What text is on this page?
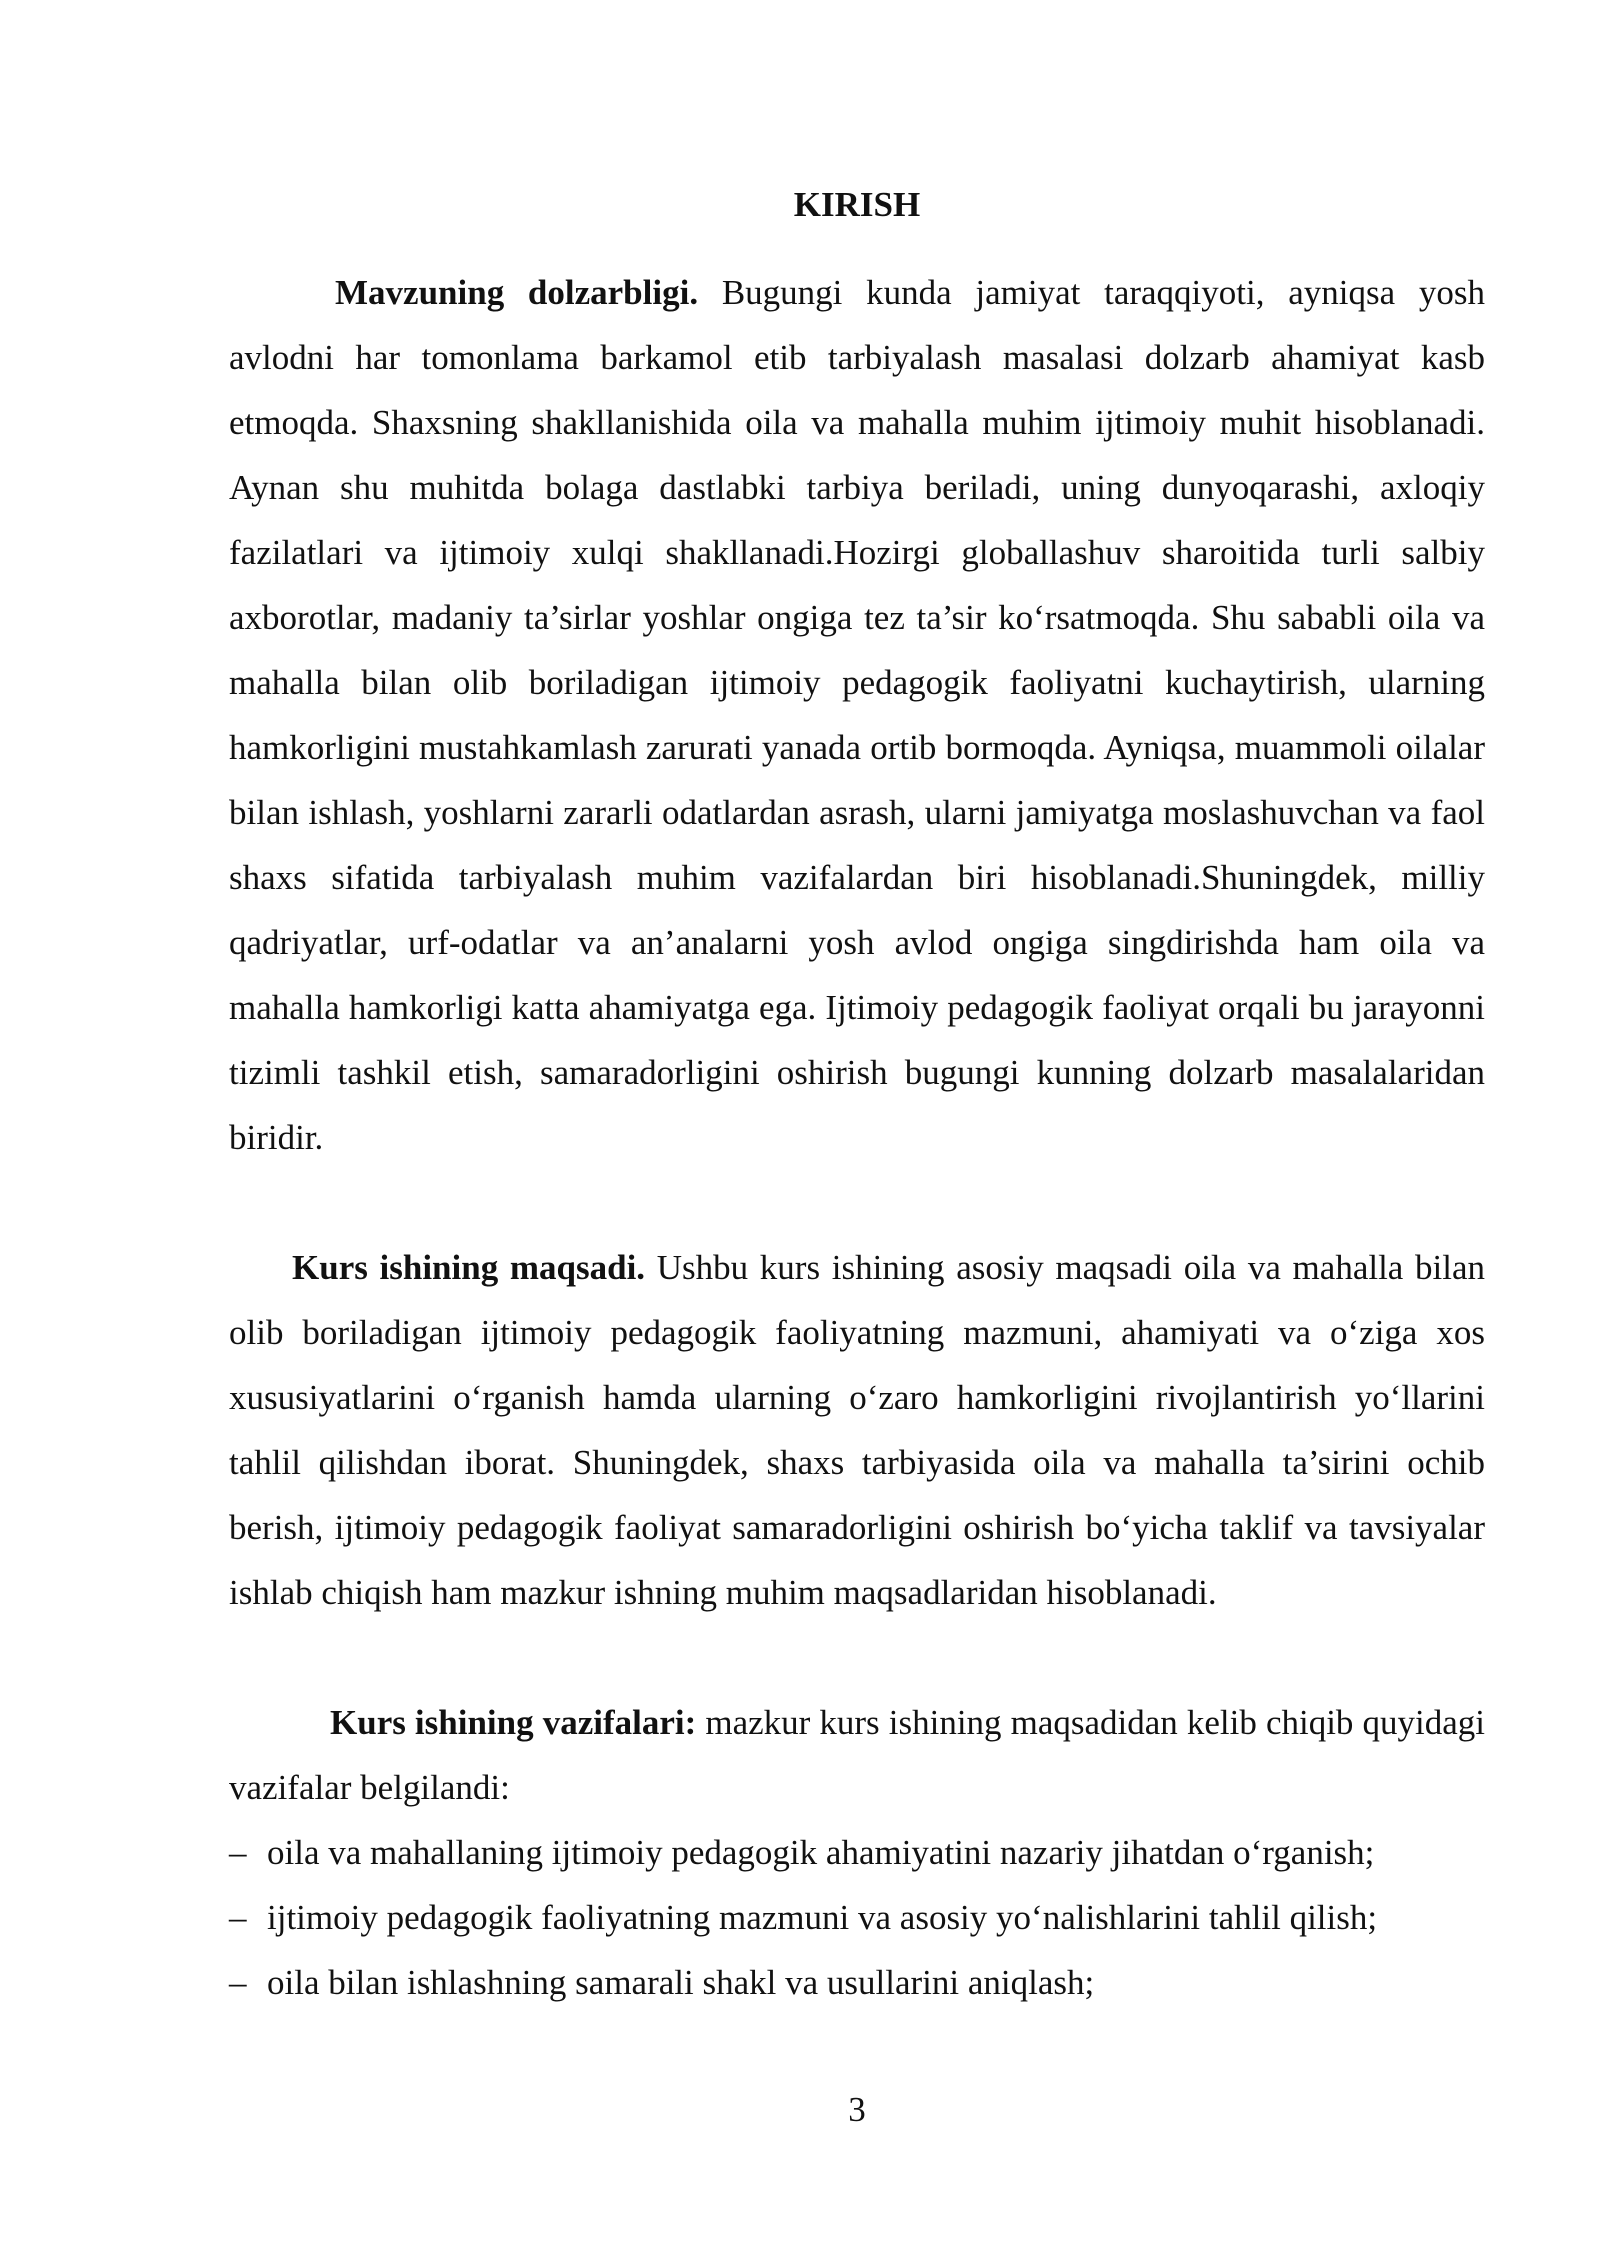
KIRISH

Mavzuning dolzarbligi. Bugungi kunda jamiyat taraqqiyoti, ayniqsa yosh avlodni har tomonlama barkamol etib tarbiyalash masalasi dolzarb ahamiyat kasb etmoqda. Shaxsning shakllanishida oila va mahalla muhim ijtimoiy muhit hisoblanadi. Aynan shu muhitda bolaga dastlabki tarbiya beriladi, uning dunyoqarashi, axloqiy fazilatlari va ijtimoiy xulqi shakllanadi.Hozirgi globallashuv sharoitida turli salbiy axborotlar, madaniy ta’sirlar yoshlar ongiga tez ta’sir ko‘rsatmoqda. Shu sababli oila va mahalla bilan olib boriladigan ijtimoiy pedagogik faoliyatni kuchaytirish, ularning hamkorligini mustahkamlash zarurati yanada ortib bormoqda. Ayniqsa, muammoli oilalar bilan ishlash, yoshlarni zararli odatlardan asrash, ularni jamiyatga moslashuvchan va faol shaxs sifatida tarbiyalash muhim vazifalardan biri hisoblanadi.Shuningdek, milliy qadriyatlar, urf-odatlar va an’analarni yosh avlod ongiga singdirishda ham oila va mahalla hamkorligi katta ahamiyatga ega. Ijtimoiy pedagogik faoliyat orqali bu jarayonni tizimli tashkil etish, samaradorligini oshirish bugungi kunning dolzarb masalalaridan biridir.

Kurs ishining maqsadi. Ushbu kurs ishining asosiy maqsadi oila va mahalla bilan olib boriladigan ijtimoiy pedagogik faoliyatning mazmuni, ahamiyati va o‘ziga xos xususiyatlarini o‘rganish hamda ularning o‘zaro hamkorligini rivojlantirish yo‘llarini tahlil qilishdan iborat. Shuningdek, shaxs tarbiyasida oila va mahalla ta’sirini ochib berish, ijtimoiy pedagogik faoliyat samaradorligini oshirish bo‘yicha taklif va tavsiyalar ishlab chiqish ham mazkur ishning muhim maqsadlaridan hisoblanadi.

Kurs ishining vazifalari: mazkur kurs ishining maqsadidan kelib chiqib quyidagi vazifalar belgilandi:

– oila va mahallaning ijtimoiy pedagogik ahamiyatini nazariy jihatdan o‘rganish;
– ijtimoiy pedagogik faoliyatning mazmuni va asosiy yo‘nalishlarini tahlil qilish;
– oila bilan ishlashning samarali shakl va usullarini aniqlash;
3
